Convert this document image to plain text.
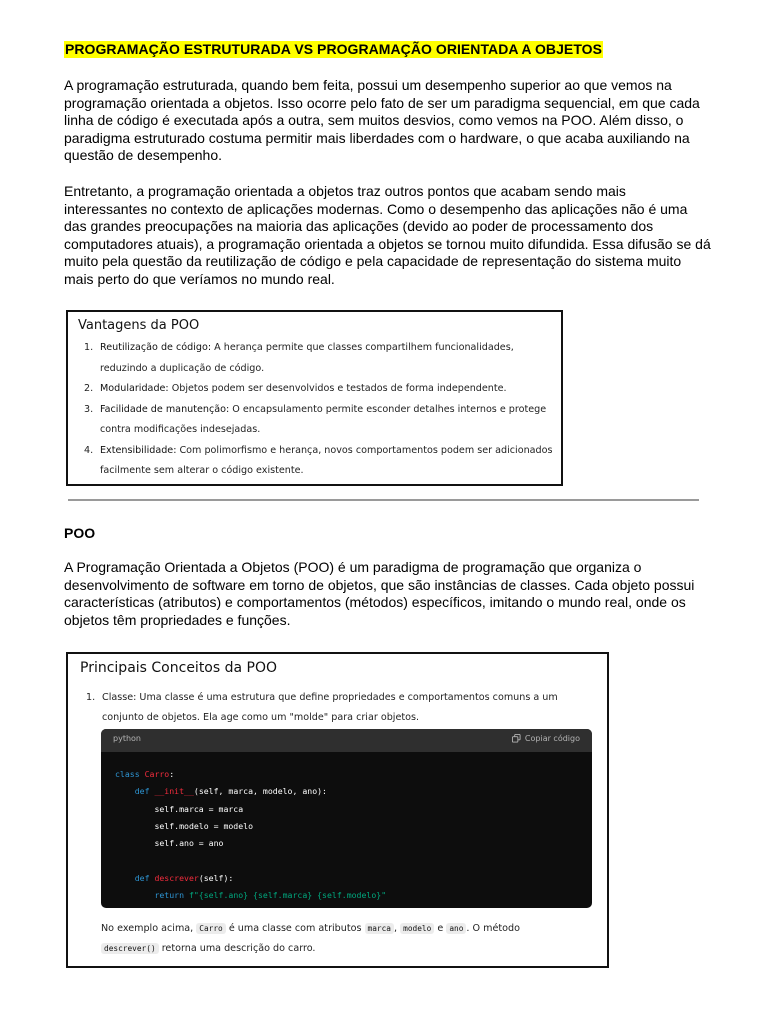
PROGRAMAÇÃO ESTRUTURADA VS PROGRAMAÇÃO ORIENTADA A OBJETOS

A programação estruturada, quando bem feita, possui um desempenho superior ao que vemos na programação orientada a objetos. Isso ocorre pelo fato de ser um paradigma sequencial, em que cada linha de código é executada após a outra, sem muitos desvios, como vemos na POO. Além disso, o paradigma estruturado costuma permitir mais liberdades com o hardware, o que acaba auxiliando na questão de desempenho.

Entretanto, a programação orientada a objetos traz outros pontos que acabam sendo mais interessantes no contexto de aplicações modernas. Como o desempenho das aplicações não é uma das grandes preocupações na maioria das aplicações (devido ao poder de processamento dos computadores atuais), a programação orientada a objetos se tornou muito difundida. Essa difusão se dá muito pela questão da reutilização de código e pela capacidade de representação do sistema muito mais perto do que veríamos no mundo real.

Vantagens da POO
1. Reutilização de código: A herança permite que classes compartilhem funcionalidades,
reduzindo a duplicação de código.
2. Modularidade: Objetos podem ser desenvolvidos e testados de forma independente.
3. Facilidade de manutenção: O encapsulamento permite esconder detalhes internos e protege
contra modificações indesejadas.
4. Extensibilidade: Com polimorfismo e herança, novos comportamentos podem ser adicionados
facilmente sem alterar o código existente.
POO

A Programação Orientada a Objetos (POO) é um paradigma de programação que organiza o desenvolvimento de software em torno de objetos, que são instâncias de classes. Cada objeto possui características (atributos) e comportamentos (métodos) específicos, imitando o mundo real, onde os objetos têm propriedades e funções.

Principais Conceitos da POO
1. Classe: Uma classe é uma estrutura que define propriedades e comportamentos comuns a um
conjunto de objetos. Ela age como um "molde" para criar objetos.
python	Copiar código
class Carro:
def __init__(self, marca, modelo, ano):
self.marca = marca
self.modelo = modelo
self.ano = ano

def descrever(self):
return f"{self.ano} {self.marca} {self.modelo}"
No exemplo acima, Carro é uma classe com atributos marca , modelo e ano . O método
descrever() retorna uma descrição do carro.
